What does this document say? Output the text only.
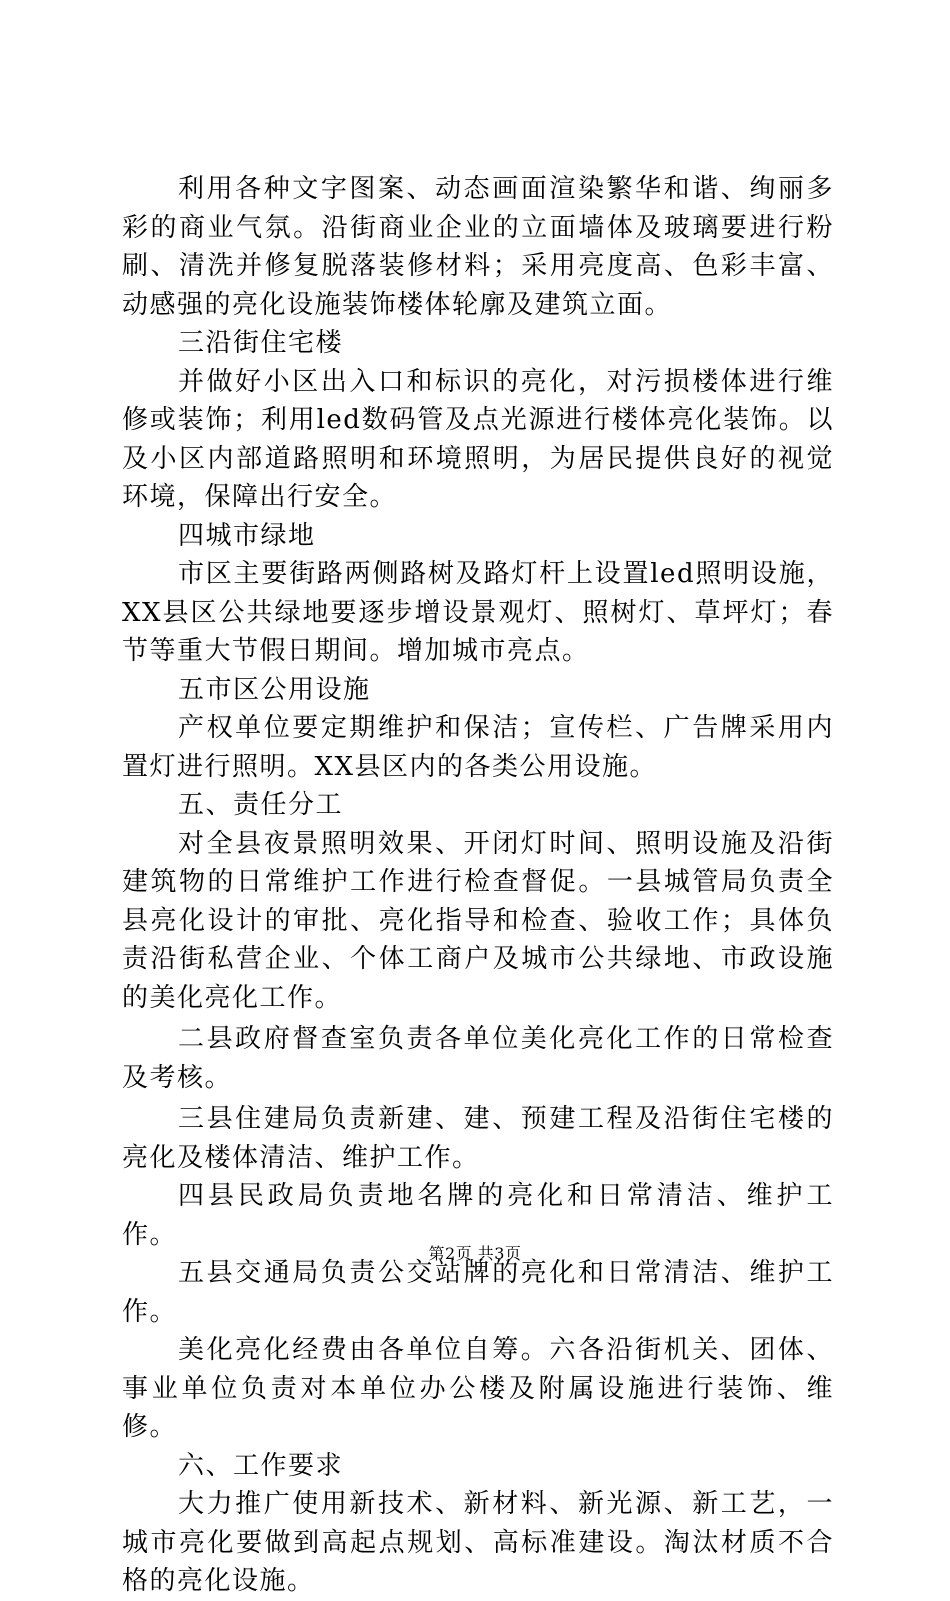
利用各种文字图案、动态画面渲染繁华和谐、绚丽多彩的商业气氛。沿街商业企业的立面墙体及玻璃要进行粉刷、清洗并修复脱落装修材料；采用亮度高、色彩丰富、动感强的亮化设施装饰楼体轮廓及建筑立面。

三沿街住宅楼

并做好小区出入口和标识的亮化，对污损楼体进行维修或装饰；利用led数码管及点光源进行楼体亮化装饰。以及小区内部道路照明和环境照明，为居民提供良好的视觉环境，保障出行安全。

四城市绿地

市区主要街路两侧路树及路灯杆上设置led照明设施，XX县区公共绿地要逐步增设景观灯、照树灯、草坪灯；春节等重大节假日期间。增加城市亮点。

五市区公用设施

产权单位要定期维护和保洁；宣传栏、广告牌采用内置灯进行照明。XX县区内的各类公用设施。

五、责任分工

对全县夜景照明效果、开闭灯时间、照明设施及沿街建筑物的日常维护工作进行检查督促。一县城管局负责全县亮化设计的审批、亮化指导和检查、验收工作；具体负责沿街私营企业、个体工商户及城市公共绿地、市政设施的美化亮化工作。

二县政府督查室负责各单位美化亮化工作的日常检查及考核。

三县住建局负责新建、建、预建工程及沿街住宅楼的亮化及楼体清洁、维护工作。

四县民政局负责地名牌的亮化和日常清洁、维护工作。

五县交通局负责公交站牌的亮化和日常清洁、维护工作。

美化亮化经费由各单位自筹。六各沿街机关、团体、事业单位负责对本单位办公楼及附属设施进行装饰、维修。

六、工作要求

大力推广使用新技术、新材料、新光源、新工艺，一城市亮化要做到高起点规划、高标准建设。淘汰材质不合格的亮化设施。

第2页 共3页
